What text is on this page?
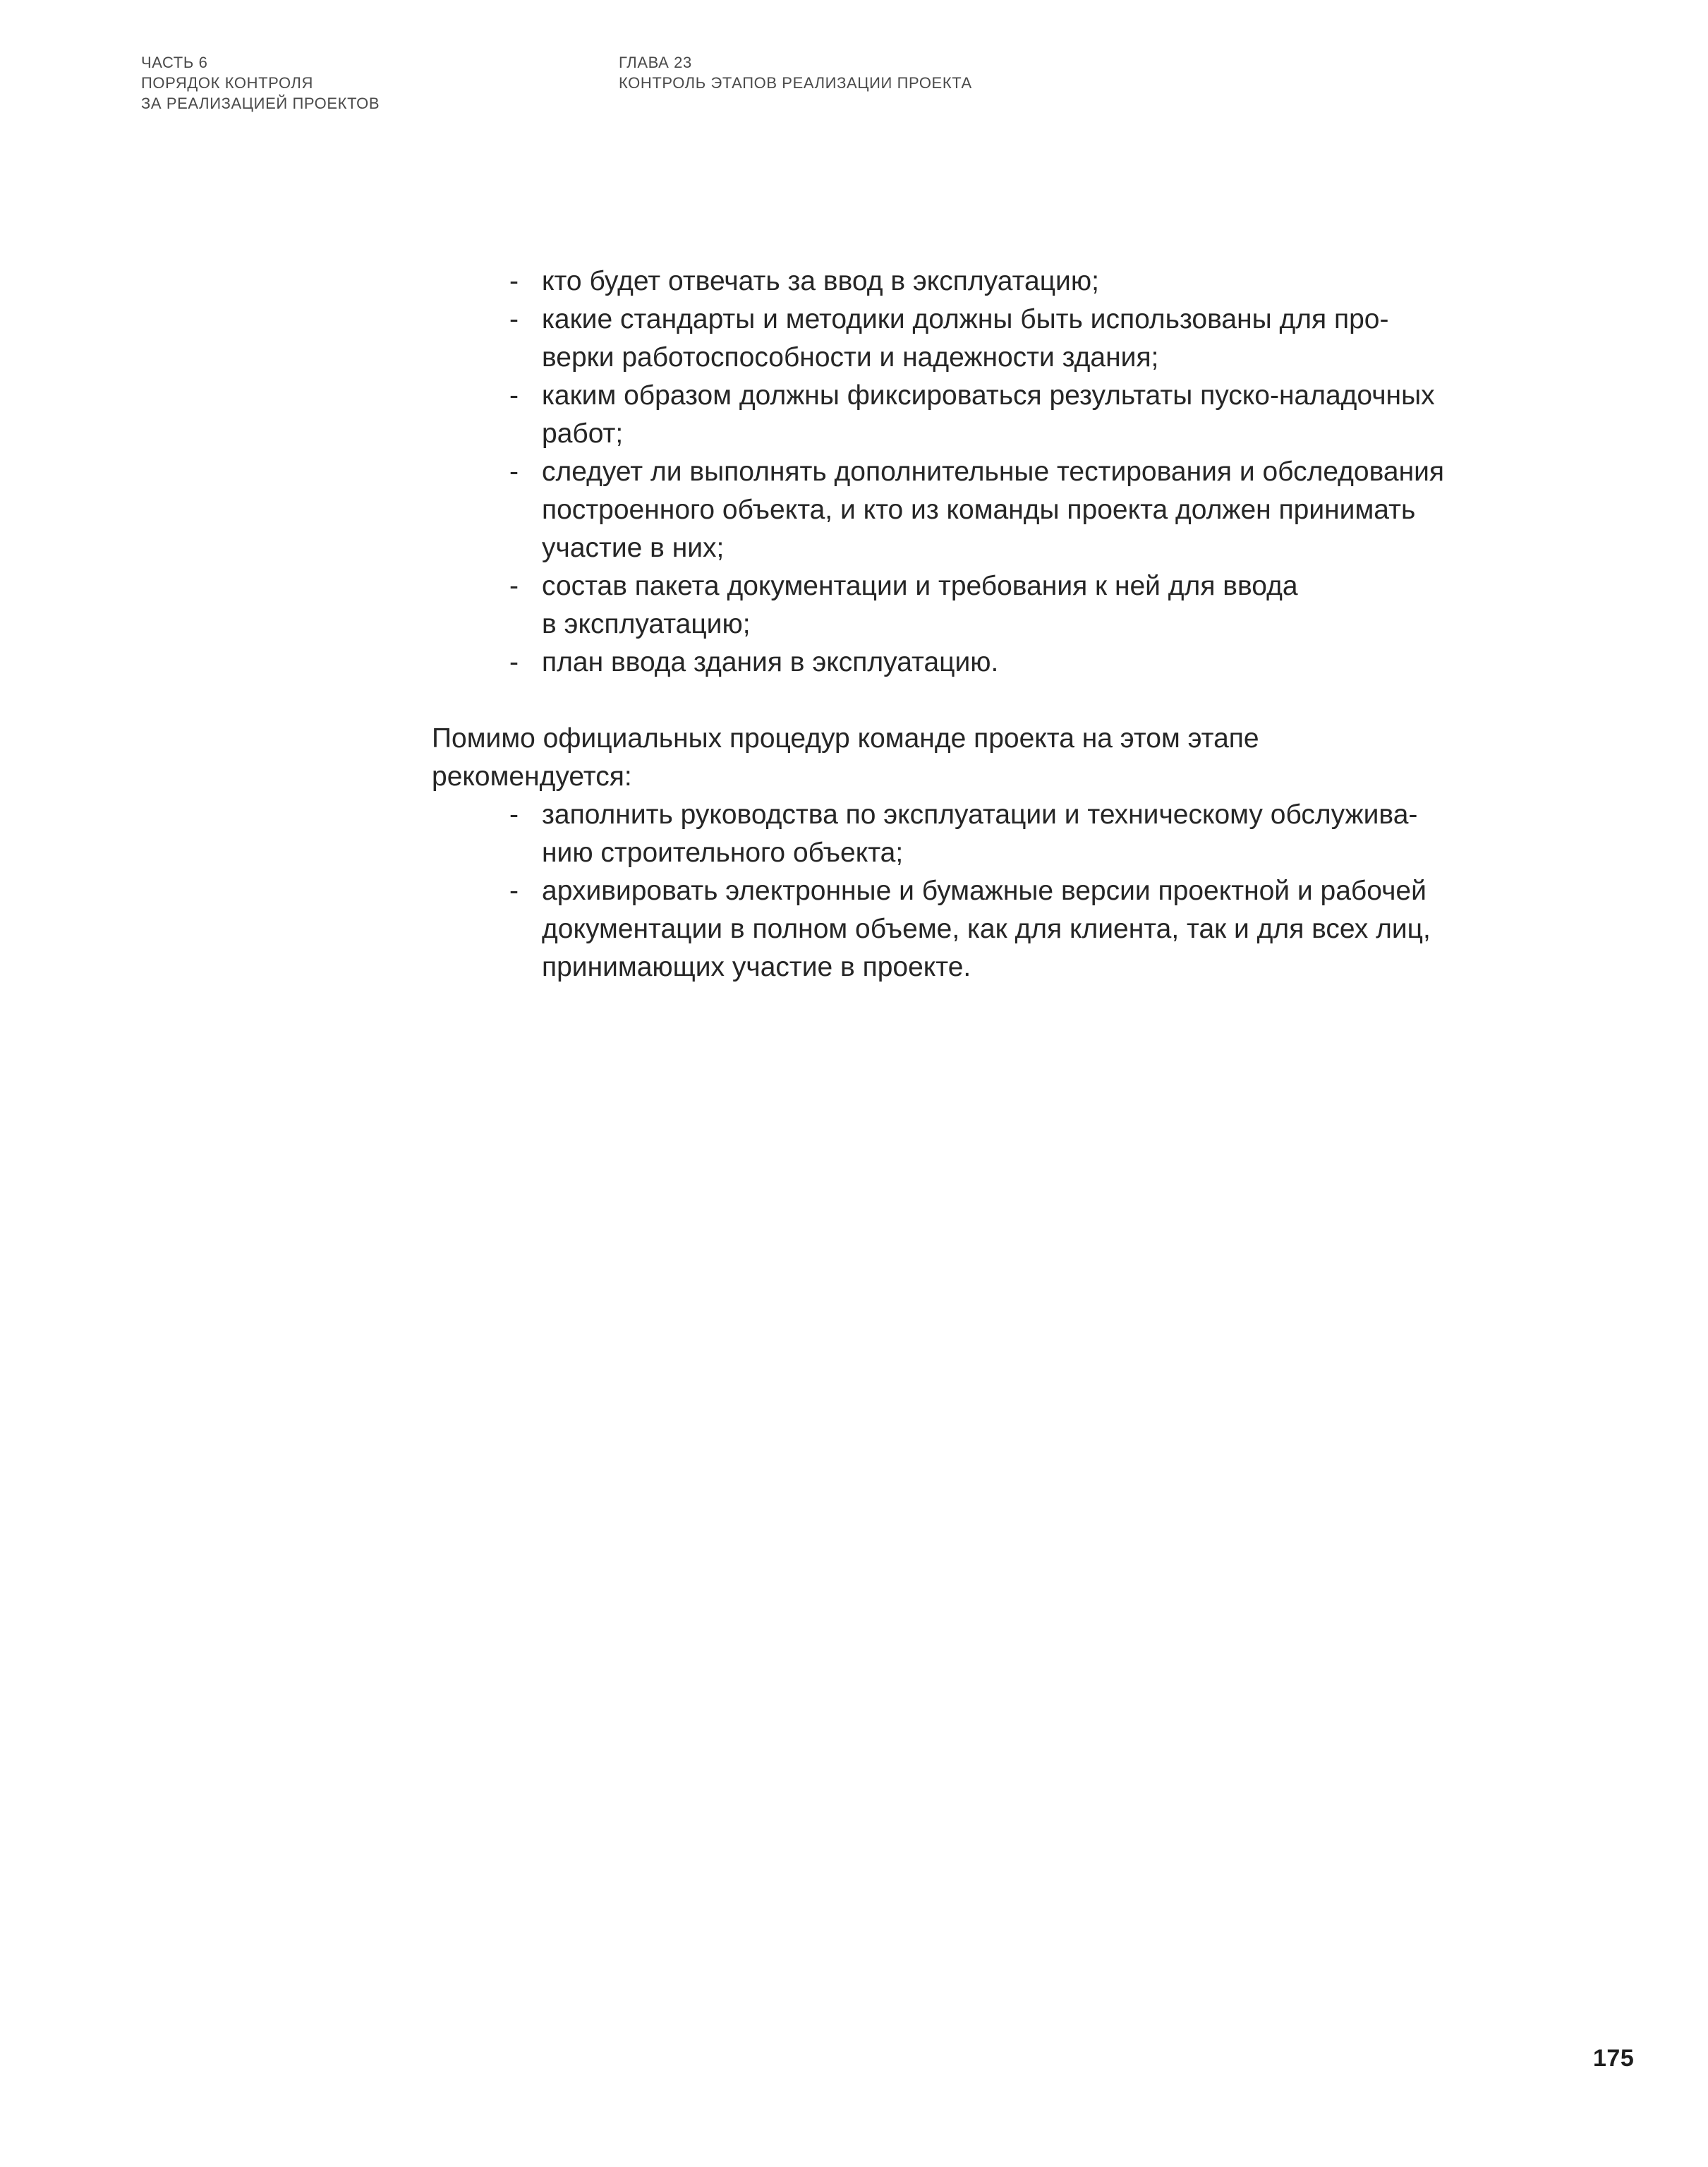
ЧАСТЬ 6
ПОРЯДОК КОНТРОЛЯ
ЗА РЕАЛИЗАЦИЕЙ ПРОЕКТОВ
ГЛАВА 23
КОНТРОЛЬ ЭТАПОВ РЕАЛИЗАЦИИ ПРОЕКТА
- кто будет отвечать за ввод в эксплуатацию;
- какие стандарты и методики должны быть использованы для про-
верки работоспособности и надежности здания;
- каким образом должны фиксироваться результаты пуско-наладочных
работ;
- следует ли выполнять дополнительные тестирования и обследования
построенного объекта, и кто из команды проекта должен принимать
участие в них;
- состав пакета документации и требования к ней для ввода
в эксплуатацию;
- план ввода здания в эксплуатацию.

Помимо официальных процедур команде проекта на этом этапе
рекомендуется:

- заполнить руководства по эксплуатации и техническому обслужива-
нию строительного объекта;
- архивировать электронные и бумажные версии проектной и рабочей
документации в полном объеме, как для клиента, так и для всех лиц,
принимающих участие в проекте.
175
